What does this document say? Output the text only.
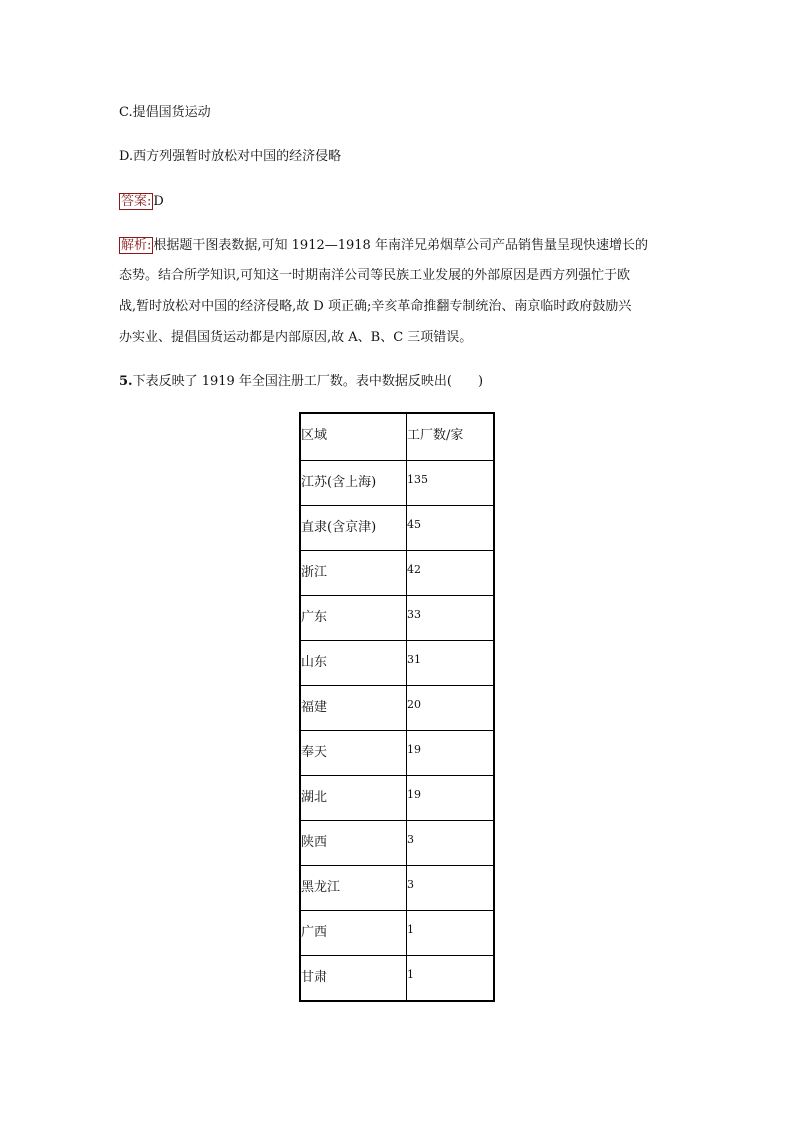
C.提倡国货运动
D.西方列强暂时放松对中国的经济侵略
答案: D
解析: 根据题干图表数据,可知 1912—1918 年南洋兄弟烟草公司产品销售量呈现快速增长的
态势。结合所学知识,可知这一时期南洋公司等民族工业发展的外部原因是西方列强忙于欧
战,暂时放松对中国的经济侵略,故 D 项正确;辛亥革命推翻专制统治、南京临时政府鼓励兴
办实业、提倡国货运动都是内部原因,故 A、B、C 三项错误。
5.下表反映了 1919 年全国注册工厂数。表中数据反映出(　　)
区域	工厂数/家

江苏(含上海)	135

直隶(含京津)	45

浙江	42

广东	33

山东	31

福建	20

奉天	19

湖北	19

陕西	3

黑龙江	3

广西	1

甘肃	1
